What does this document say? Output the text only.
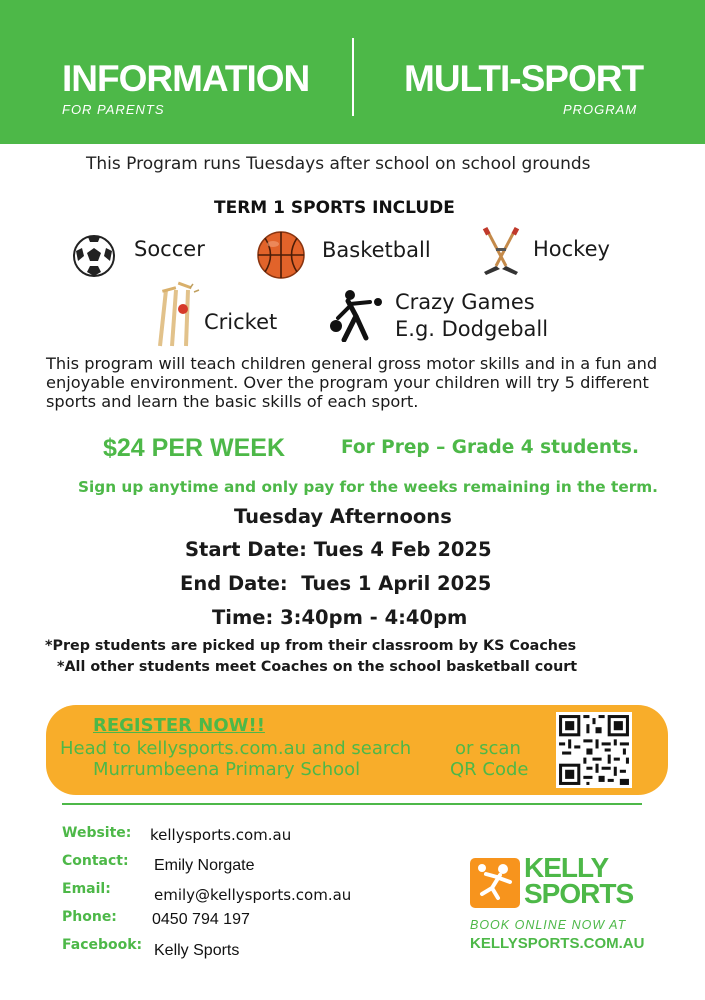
INFORMATION
FOR PARENTS
MULTI-SPORT
PROGRAM
This Program runs Tuesdays after school on school grounds
TERM 1 SPORTS INCLUDE
Soccer	Basketball	Hockey
Cricket
Crazy Games
E.g. Dodgeball
This program will teach children general gross motor skills and in a fun and enjoyable environment. Over the program your children will try 5 different sports and learn the basic skills of each sport.
$24 PER WEEK	For Prep – Grade 4 students.
Sign up anytime and only pay for the weeks remaining in the term.
Tuesday Afternoons
Start Date: Tues 4 Feb 2025
End Date:  Tues 1 April 2025
Time: 3:40pm - 4:40pm
*Prep students are picked up from their classroom by KS Coaches
*All other students meet Coaches on the school basketball court
REGISTER NOW!!
Head to kellysports.com.au and search
Murrumbeena Primary School
or scan
QR Code
Website: kellysports.com.au
Contact: Emily Norgate
Email:	emily@kellysports.com.au
Phone: 0450 794 197
Facebook: Kelly Sports
KELLY
SPORTS
BOOK ONLINE NOW AT
KELLYSPORTS.COM.AU
